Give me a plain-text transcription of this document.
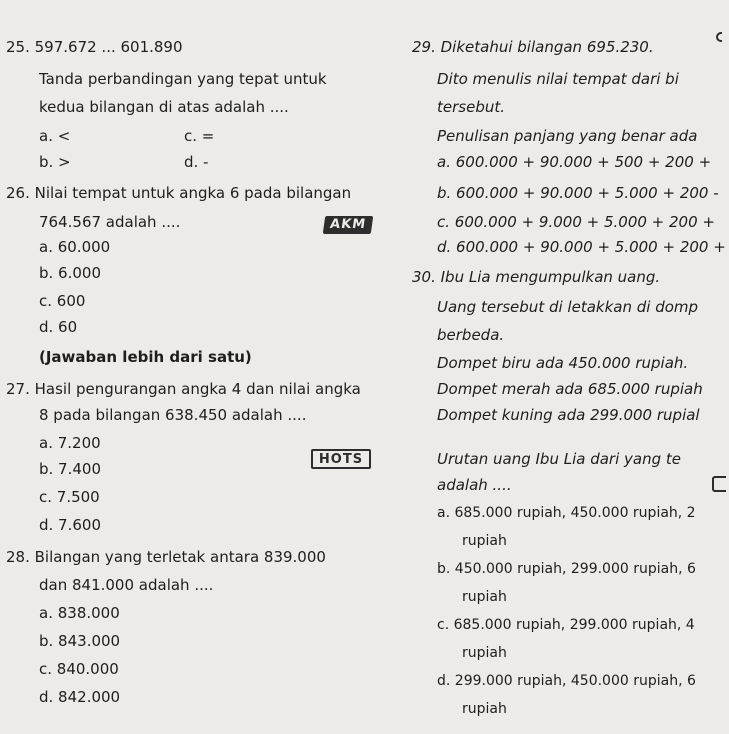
25. 597.672 ... 601.890
Tanda perbandingan yang tepat untuk
kedua bilangan di atas adalah ....
a. <	c. =
b. >	d. -
26. Nilai tempat untuk angka 6 pada bilangan
764.567 adalah ....
a. 60.000
b. 6.000
c. 600
d. 60
(Jawaban lebih dari satu)
27. Hasil pengurangan angka 4 dan nilai angka
8 pada bilangan 638.450 adalah ....
a. 7.200
b. 7.400
c. 7.500
d. 7.600
28. Bilangan yang terletak antara 839.000
dan 841.000 adalah ....
a. 838.000
b. 843.000
c. 840.000
d. 842.000
AKM
HOTS
29. Diketahui bilangan 695.230.
Dito menulis nilai tempat dari bi
tersebut.
Penulisan panjang yang benar ada
a. 600.000 + 90.000 + 500 + 200 +
b. 600.000 + 90.000 + 5.000 + 200 -
c. 600.000 + 9.000 + 5.000 + 200 +
d. 600.000 + 90.000 + 5.000 + 200 +
30. Ibu Lia mengumpulkan uang.
Uang tersebut di letakkan di domp
berbeda.
Dompet biru ada 450.000 rupiah.
Dompet merah ada 685.000 rupiah
Dompet kuning ada 299.000 rupial
Urutan uang Ibu Lia dari yang te
adalah ....
a. 685.000 rupiah, 450.000 rupiah, 2
rupiah
b. 450.000 rupiah, 299.000 rupiah, 6
rupiah
c. 685.000 rupiah, 299.000 rupiah, 4
rupiah
d. 299.000 rupiah, 450.000 rupiah, 6
rupiah
